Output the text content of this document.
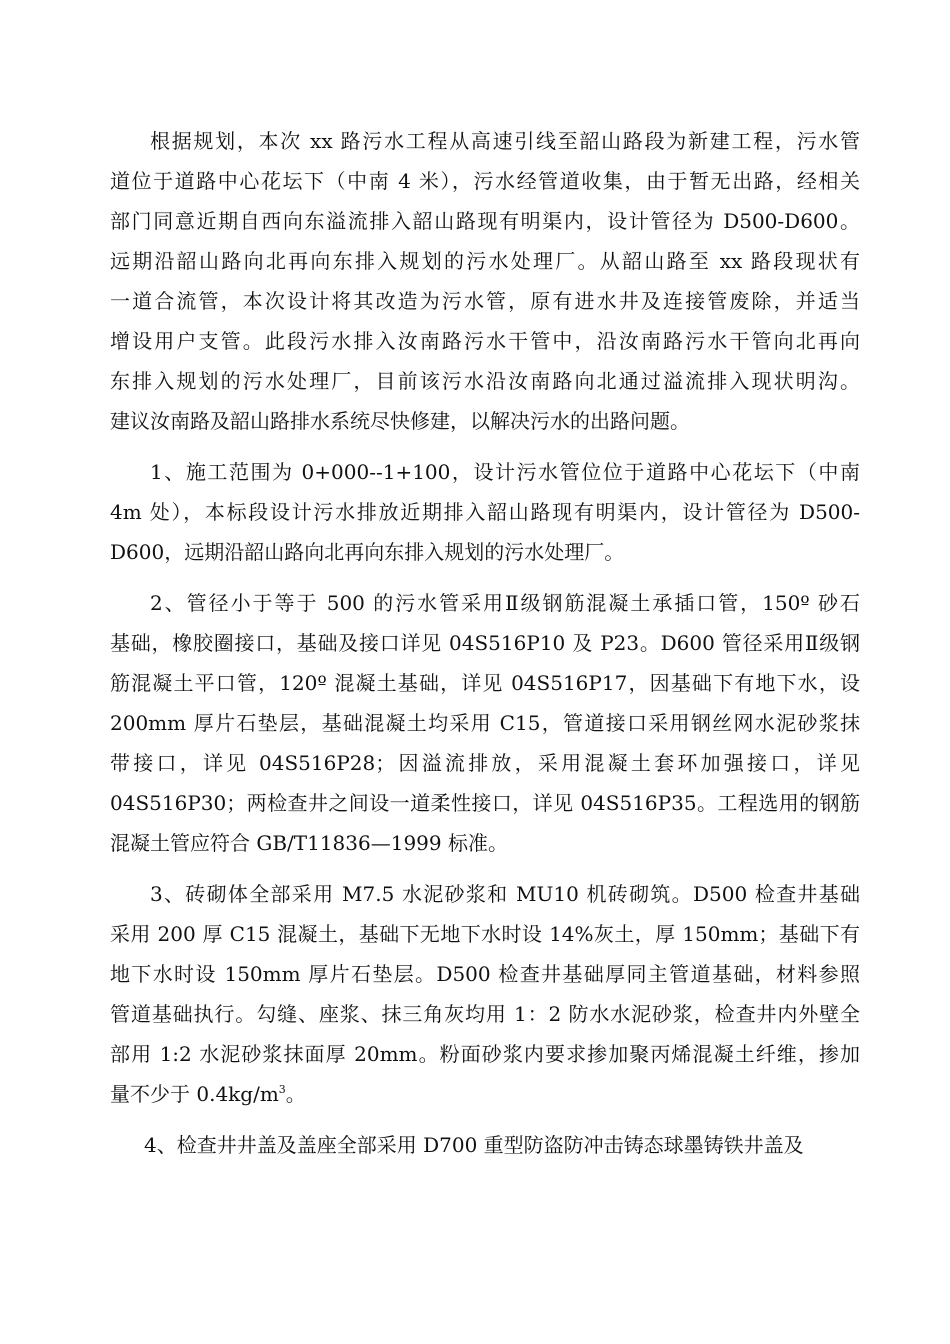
根据规划，本次 xx 路污水工程从高速引线至韶山路段为新建工程，污水管
道位于道路中心花坛下（中南 4 米），污水经管道收集，由于暂无出路，经相关
部门同意近期自西向东溢流排入韶山路现有明渠内，设计管径为 D500-D600。
远期沿韶山路向北再向东排入规划的污水处理厂。从韶山路至 xx 路段现状有
一道合流管，本次设计将其改造为污水管，原有进水井及连接管废除，并适当
增设用户支管。此段污水排入汝南路污水干管中，沿汝南路污水干管向北再向
东排入规划的污水处理厂，目前该污水沿汝南路向北通过溢流排入现状明沟。
建议汝南路及韶山路排水系统尽快修建，以解决污水的出路问题。
1、施工范围为 0+000--1+100，设计污水管位位于道路中心花坛下（中南
4m 处），本标段设计污水排放近期排入韶山路现有明渠内，设计管径为 D500-
D600，远期沿韶山路向北再向东排入规划的污水处理厂。
2、管径小于等于 500 的污水管采用Ⅱ级钢筋混凝土承插口管，150º 砂石
基础，橡胶圈接口，基础及接口详见 04S516P10 及 P23。D600 管径采用Ⅱ级钢
筋混凝土平口管，120º 混凝土基础，详见 04S516P17，因基础下有地下水，设
200mm 厚片石垫层，基础混凝土均采用 C15，管道接口采用钢丝网水泥砂浆抹
带接口，详见 04S516P28；因溢流排放，采用混凝土套环加强接口，详见
04S516P30；两检查井之间设一道柔性接口，详见 04S516P35。工程选用的钢筋
混凝土管应符合 GB/T11836—1999 标准。
3、砖砌体全部采用 M7.5 水泥砂浆和 MU10 机砖砌筑。D500 检查井基础
采用 200 厚 C15 混凝土，基础下无地下水时设 14%灰土，厚 150mm；基础下有
地下水时设 150mm 厚片石垫层。D500 检查井基础厚同主管道基础，材料参照
管道基础执行。勾缝、座浆、抹三角灰均用 1：2 防水水泥砂浆，检查井内外壁全
部用 1:2 水泥砂浆抹面厚 20mm。粉面砂浆内要求掺加聚丙烯混凝土纤维，掺加
量不少于 $0.4kg/m^3$。
4、检查井井盖及盖座全部采用 D700 重型防盗防冲击铸态球墨铸铁井盖及
